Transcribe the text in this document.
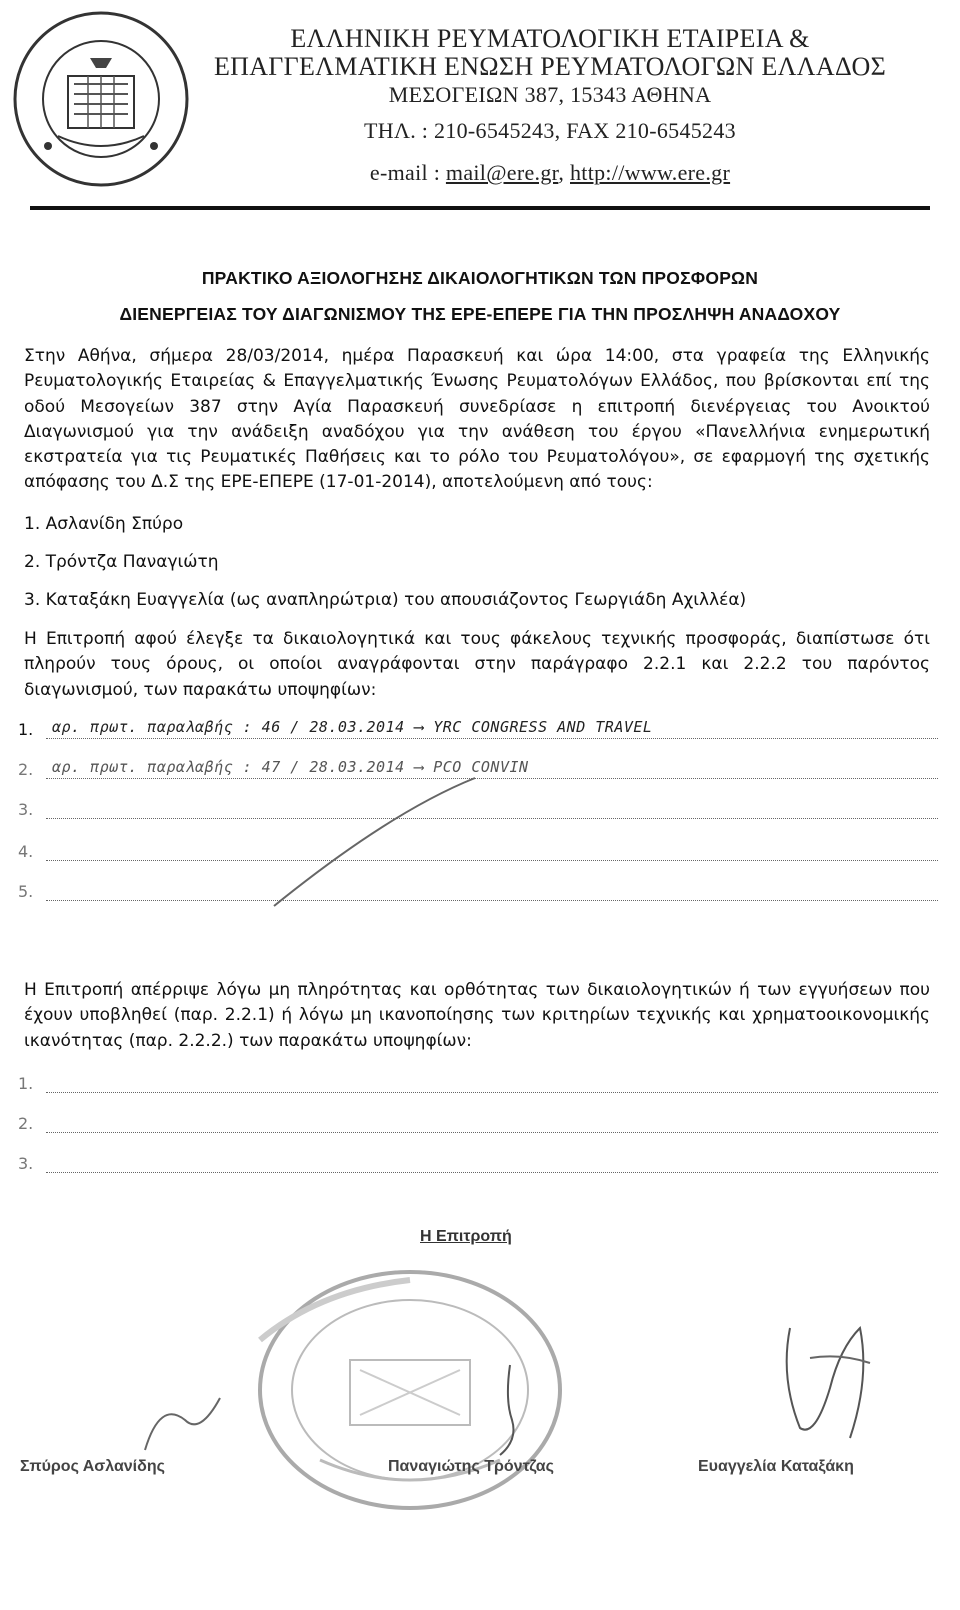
ΕΛΛΗΝΙΚΗ ΡΕΥΜΑΤΟΛΟΓΙΚΗ ΕΤΑΙΡΕΙΑ &
ΕΠΑΓΓΕΛΜΑΤΙΚΗ ΕΝΩΣΗ ΡΕΥΜΑΤΟΛΟΓΩΝ ΕΛΛΑΔΟΣ
ΜΕΣΟΓΕΙΩΝ 387, 15343 ΑΘΗΝΑ
ΤΗΛ. : 210-6545243, FAX 210-6545243
e-mail : mail@ere.gr, http://www.ere.gr
ΠΡΑΚΤΙΚΟ ΑΞΙΟΛΟΓΗΣΗΣ ΔΙΚΑΙΟΛΟΓΗΤΙΚΩΝ ΤΩΝ ΠΡΟΣΦΟΡΩΝ
ΔΙΕΝΕΡΓΕΙΑΣ ΤΟΥ ΔΙΑΓΩΝΙΣΜΟΥ ΤΗΣ ΕΡΕ-ΕΠΕΡΕ ΓΙΑ ΤΗΝ ΠΡΟΣΛΗΨΗ ΑΝΑΔΟΧΟΥ
Στην Αθήνα, σήμερα 28/03/2014, ημέρα Παρασκευή και ώρα 14:00, στα γραφεία της Ελληνικής Ρευματολογικής Εταιρείας & Επαγγελματικής Ένωσης Ρευματολόγων Ελλάδος, που βρίσκονται επί της οδού Μεσογείων 387 στην Αγία Παρασκευή συνεδρίασε η επιτροπή διενέργειας του Ανοικτού Διαγωνισμού για την ανάδειξη αναδόχου για την ανάθεση του έργου «Πανελλήνια ενημερωτική εκστρατεία για τις Ρευματικές Παθήσεις και το ρόλο του Ρευματολόγου», σε εφαρμογή της σχετικής απόφασης του Δ.Σ της ΕΡΕ-ΕΠΕΡΕ (17-01-2014), αποτελούμενη από τους:
1. Ασλανίδη Σπύρο
2. Τρόντζα Παναγιώτη
3. Καταξάκη Ευαγγελία (ως αναπληρώτρια) του απουσιάζοντος Γεωργιάδη Αχιλλέα)
Η Επιτροπή αφού έλεγξε τα δικαιολογητικά και τους φάκελους τεχνικής προσφοράς, διαπίστωσε ότι πληρούν τους όρους, οι οποίοι αναγράφονται στην παράγραφο 2.2.1 και 2.2.2 του παρόντος διαγωνισμού, των παρακάτω υποψηφίων:
1. αρ. πρωτ. παραλαβής : 46 / 28.03.2014 ⟶ YRC CONGRESS AND TRAVEL
2. αρ. πρωτ. παραλαβής : 47 / 28.03.2014 ⟶ PCO CONVIN
3.
4.
5.
Η Επιτροπή απέρριψε λόγω μη πληρότητας και ορθότητας των δικαιολογητικών ή των εγγυήσεων που έχουν υποβληθεί (παρ. 2.2.1) ή λόγω μη ικανοποίησης των κριτηρίων τεχνικής και χρηματοοικονομικής ικανότητας (παρ. 2.2.2.) των παρακάτω υποψηφίων:
1.
2.
3.
Η Επιτροπή
Σπύρος Ασλανίδης	Παναγιώτης Τρόντζας	Ευαγγελία Καταξάκη
